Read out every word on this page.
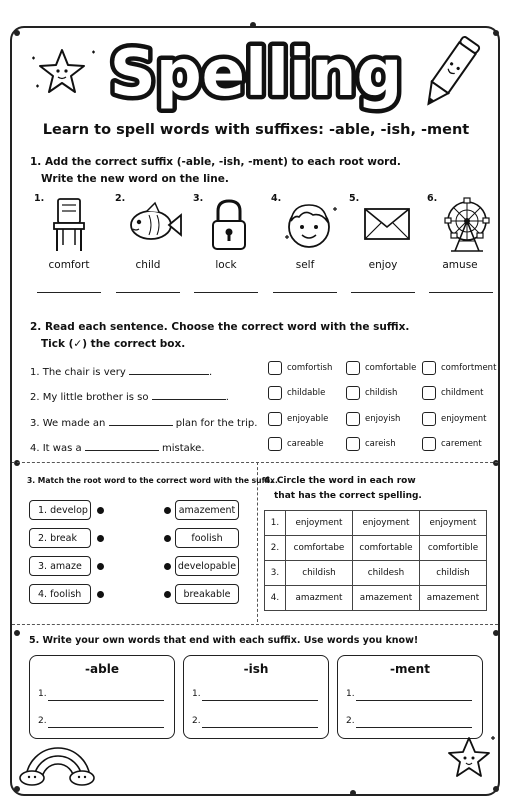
Spelling
Learn to spell words with suffixes: -able, -ish, -ment
1. Add the correct suffix (-able, -ish, -ment) to each root word.
Write the new word on the line.
1.	2.	3.	4.	5.	6.
comfort	child	lock	self	enjoy	amuse
2. Read each sentence. Choose the correct word with the suffix.
Tick (✓) the correct box.
1. The chair is very	.
2. My little brother is so	.
3. We made an	plan for the trip.
4. It was a	mistake.
comfortish	comfortable	comfortment
childable	childish	childment
enjoyable	enjoyish	enjoyment
careable	careish	carement
3. Match the root word to the correct word with the suffix.
1. develop
2. break
3. amaze
4. foolish
amazement
foolish
developable
breakable
4. Circle the word in each row
that has the correct spelling.
1.	enjoyment	enjoyment	enjoyment
2.	comfortabe	comfortable	comfortible
3.	childish	childesh	childish
4.	amazment	amazement	amazement
5. Write your own words that end with each suffix. Use words you know!
-able
1.
2.
-ish
1.
2.
-ment
1.
2.
